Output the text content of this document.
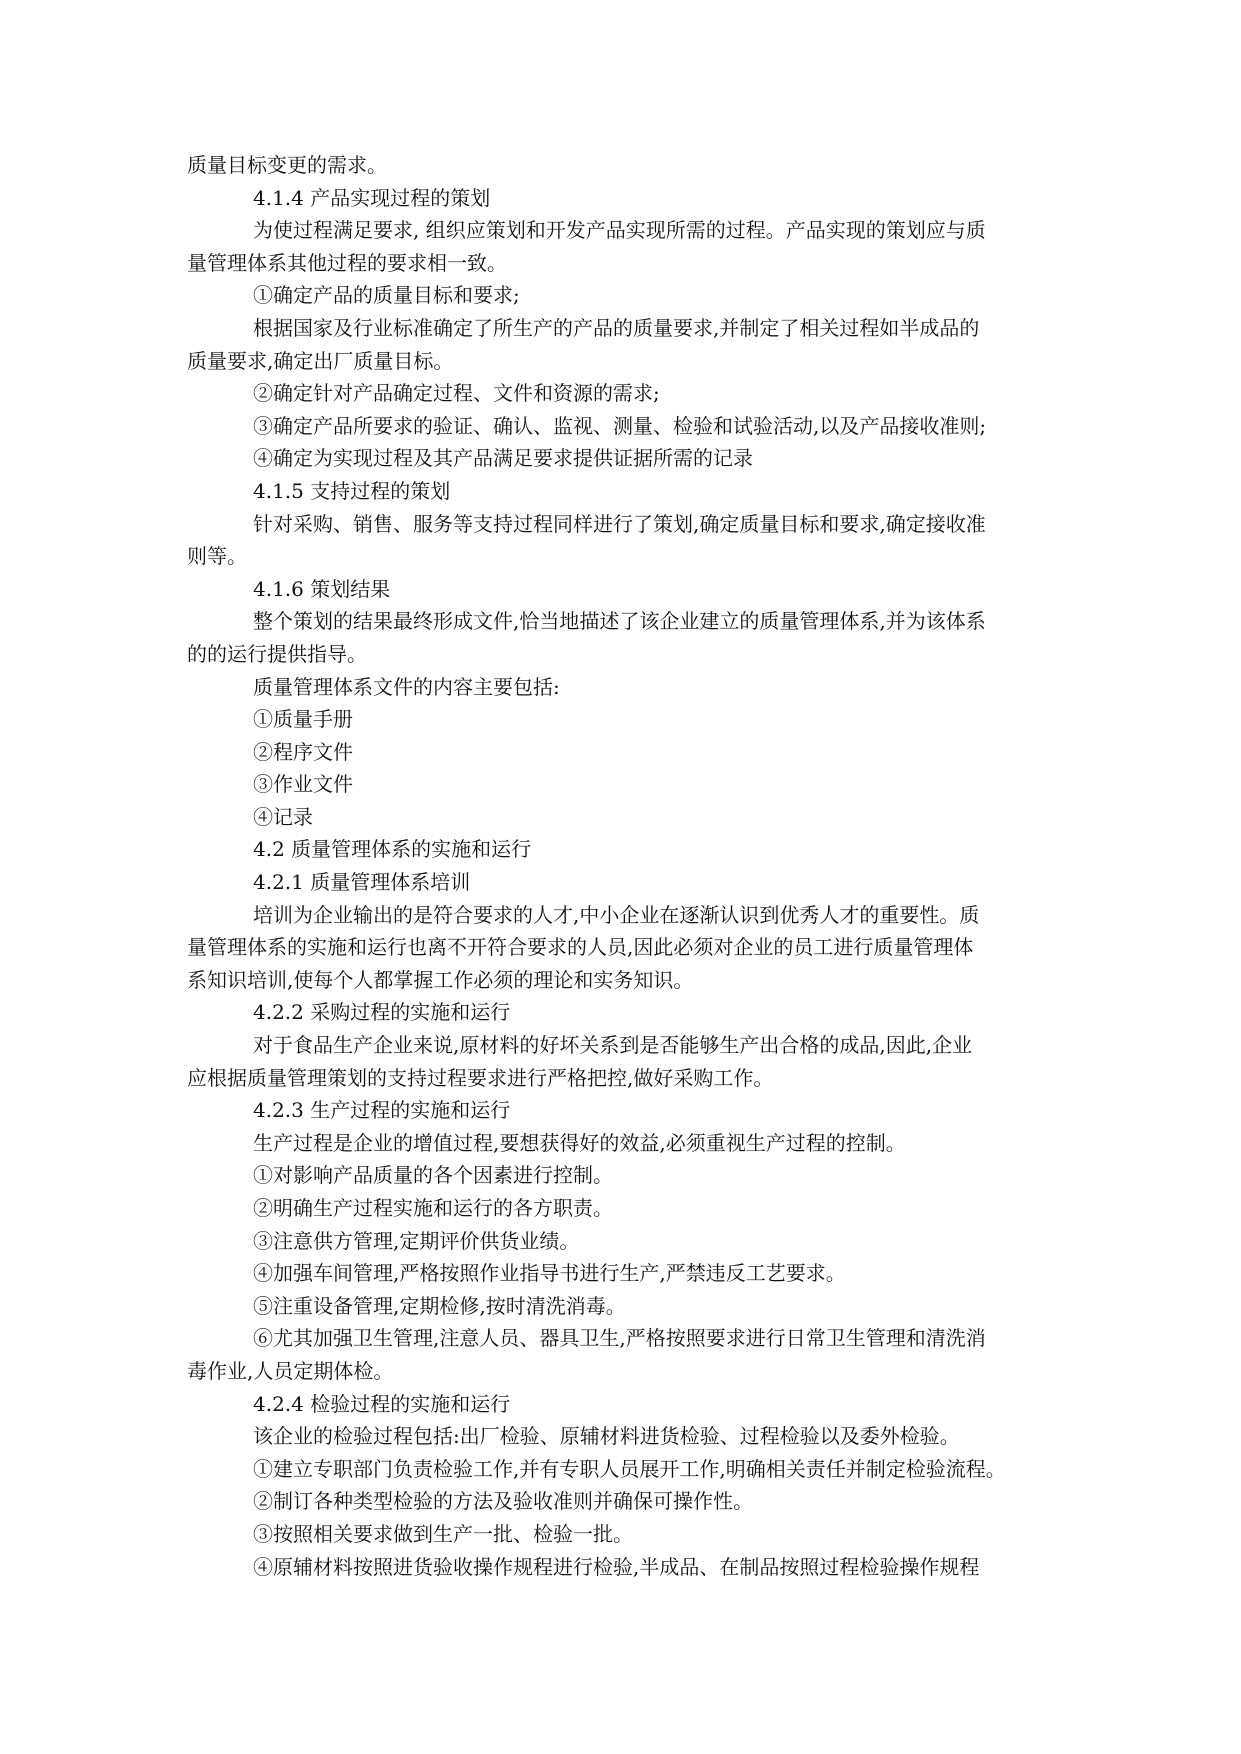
质量目标变更的需求。
4.1.4 产品实现过程的策划
为使过程满足要求, 组织应策划和开发产品实现所需的过程。产品实现的策划应与质
量管理体系其他过程的要求相一致。
①确定产品的质量目标和要求;
根据国家及行业标准确定了所生产的产品的质量要求,并制定了相关过程如半成品的
质量要求,确定出厂质量目标。
②确定针对产品确定过程、文件和资源的需求;
③确定产品所要求的验证、确认、监视、测量、检验和试验活动,以及产品接收准则;
④确定为实现过程及其产品满足要求提供证据所需的记录
4.1.5 支持过程的策划
针对采购、销售、服务等支持过程同样进行了策划,确定质量目标和要求,确定接收准
则等。
4.1.6 策划结果
整个策划的结果最终形成文件,恰当地描述了该企业建立的质量管理体系,并为该体系
的的运行提供指导。
质量管理体系文件的内容主要包括:
①质量手册
②程序文件
③作业文件
④记录
4.2 质量管理体系的实施和运行
4.2.1 质量管理体系培训
培训为企业输出的是符合要求的人才,中小企业在逐渐认识到优秀人才的重要性。质
量管理体系的实施和运行也离不开符合要求的人员,因此必须对企业的员工进行质量管理体
系知识培训,使每个人都掌握工作必须的理论和实务知识。
4.2.2 采购过程的实施和运行
对于食品生产企业来说,原材料的好坏关系到是否能够生产出合格的成品,因此,企业
应根据质量管理策划的支持过程要求进行严格把控,做好采购工作。
4.2.3 生产过程的实施和运行
生产过程是企业的增值过程,要想获得好的效益,必须重视生产过程的控制。
①对影响产品质量的各个因素进行控制。
②明确生产过程实施和运行的各方职责。
③注意供方管理,定期评价供货业绩。
④加强车间管理,严格按照作业指导书进行生产,严禁违反工艺要求。
⑤注重设备管理,定期检修,按时清洗消毒。
⑥尤其加强卫生管理,注意人员、器具卫生,严格按照要求进行日常卫生管理和清洗消
毒作业,人员定期体检。
4.2.4 检验过程的实施和运行
该企业的检验过程包括:出厂检验、原辅材料进货检验、过程检验以及委外检验。
①建立专职部门负责检验工作,并有专职人员展开工作,明确相关责任并制定检验流程。
②制订各种类型检验的方法及验收准则并确保可操作性。
③按照相关要求做到生产一批、检验一批。
④原辅材料按照进货验收操作规程进行检验,半成品、在制品按照过程检验操作规程
